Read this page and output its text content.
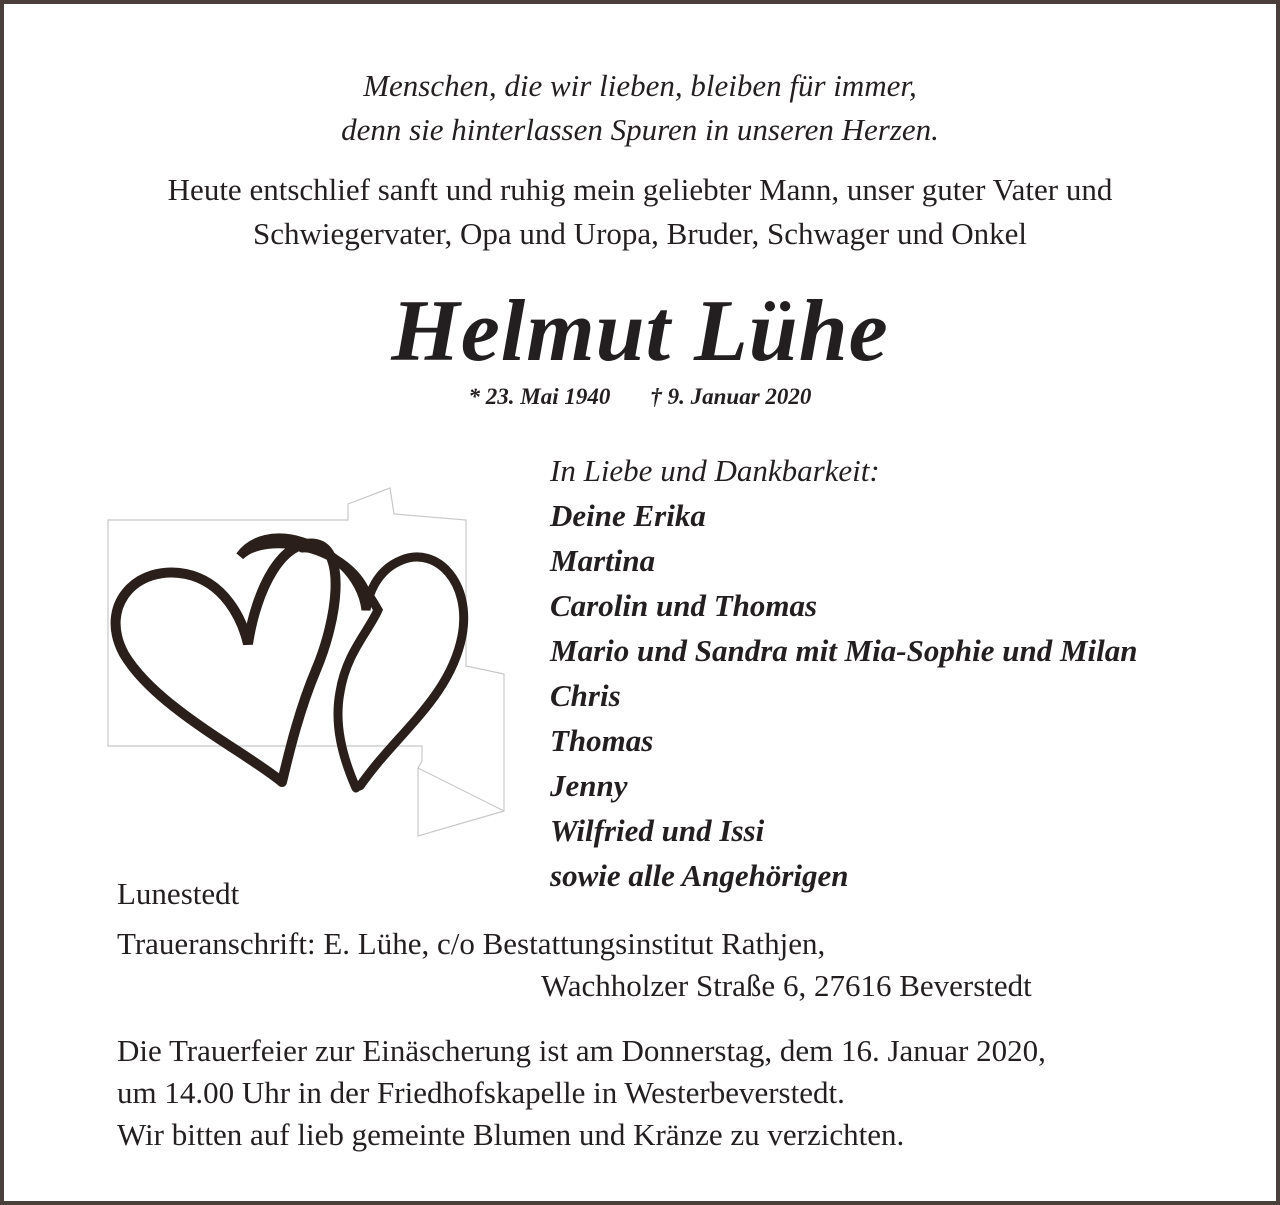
Menschen, die wir lieben, bleiben für immer,
denn sie hinterlassen Spuren in unseren Herzen.
Heute entschlief sanft und ruhig mein geliebter Mann, unser guter Vater und
Schwiegervater, Opa und Uropa, Bruder, Schwager und Onkel
Helmut Lühe
* 23. Mai 1940 † 9. Januar 2020
In Liebe und Dankbarkeit:
Deine Erika
Martina
Carolin und Thomas
Mario und Sandra mit Mia-Sophie und Milan
Chris
Thomas
Jenny
Wilfried und Issi
sowie alle Angehörigen
Lunestedt
Traueranschrift: E. Lühe, c/o Bestattungsinstitut Rathjen,
Wachholzer Straße 6, 27616 Beverstedt
Die Trauerfeier zur Einäscherung ist am Donnerstag, dem 16. Januar 2020,
um 14.00 Uhr in der Friedhofskapelle in Westerbeverstedt.
Wir bitten auf lieb gemeinte Blumen und Kränze zu verzichten.
